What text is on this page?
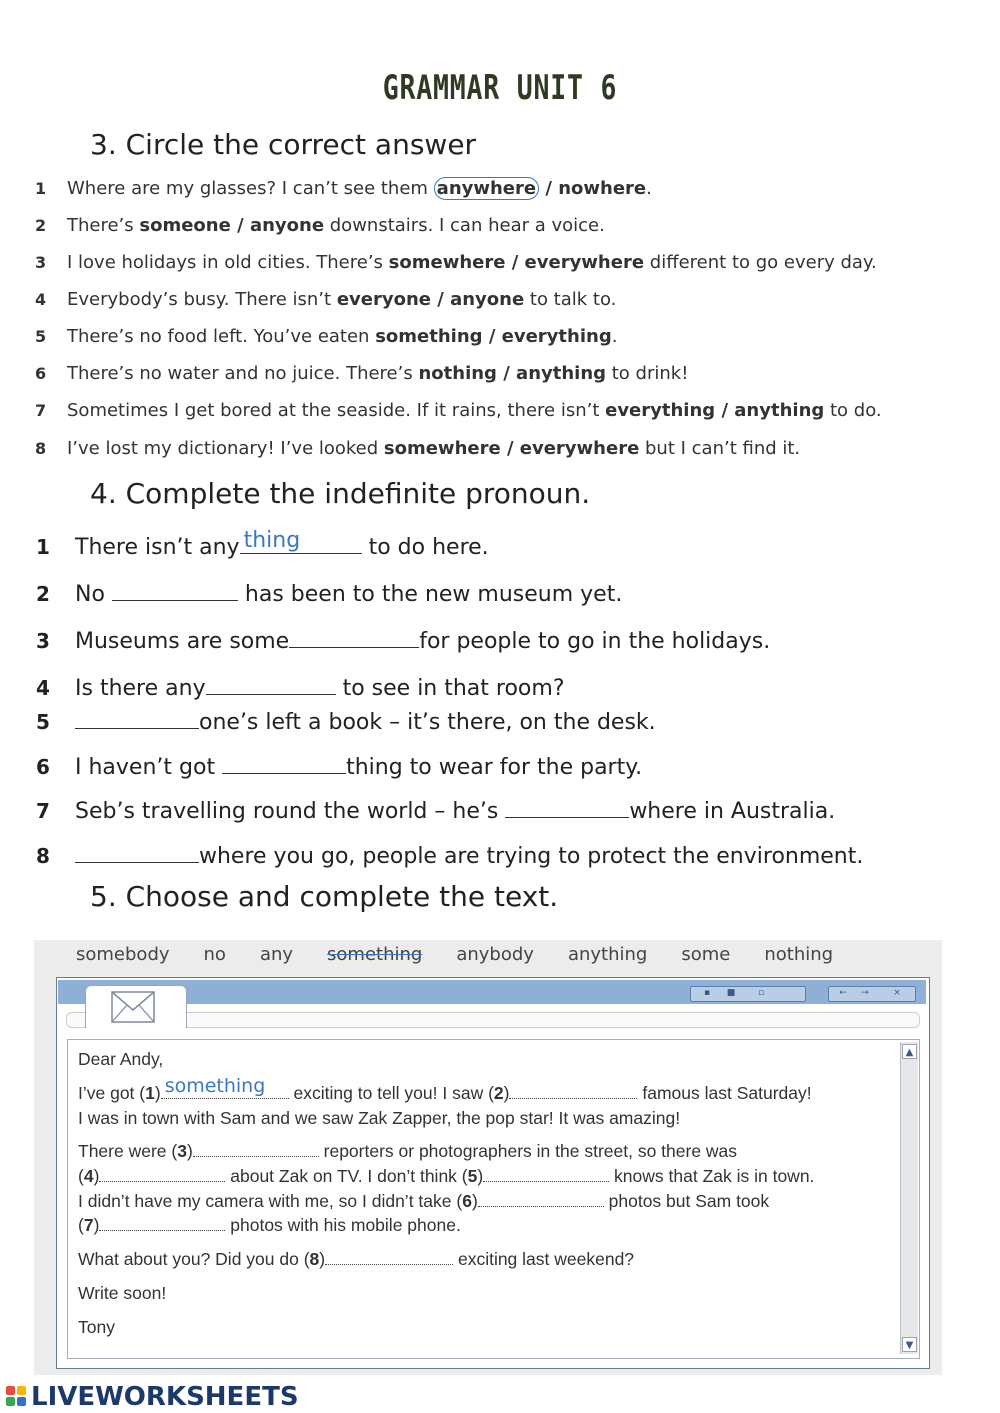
GRAMMAR UNIT 6
3. Circle the correct answer
1 Where are my glasses? I can’t see them anywhere / nowhere.
2 There’s someone / anyone downstairs. I can hear a voice.
3 I love holidays in old cities. There’s somewhere / everywhere different to go every day.
4 Everybody’s busy. There isn’t everyone / anyone to talk to.
5 There’s no food left. You’ve eaten something / everything.
6 There’s no water and no juice. There’s nothing / anything to drink!
7 Sometimes I get bored at the seaside. If it rains, there isn’t everything / anything to do.
8 I’ve lost my dictionary! I’ve looked somewhere / everywhere but I can’t find it.
4. Complete the indefinite pronoun.
1 There isn’t any thing	to do here.
2 No	has been to the new museum yet.
3 Museums are some	for people to go in the holidays.
4 Is there any	to see in that room?
5	one’s left a book – it’s there, on the desk.
6 I haven’t got	thing to wear for the party.
7 Seb’s travelling round the world – he’s	where in Australia.
8	where you go, people are trying to protect the environment.
5. Choose and complete the text.
somebody no any something anybody anything some nothing
▪	■	▫	←	→	×
▲
▼
Dear Andy,
I’ve got (1) something exciting to tell you! I saw (2)	famous last Saturday!
I was in town with Sam and we saw Zak Zapper, the pop star! It was amazing!
There were (3)	reporters or photographers in the street, so there was
(4)	about Zak on TV. I don’t think (5)	knows that Zak is in town.
I didn’t have my camera with me, so I didn’t take (6)	photos but Sam took
(7)	photos with his mobile phone.
What about you? Did you do (8)	exciting last weekend?
Write soon!
Tony
LIVEWORKSHEETS
